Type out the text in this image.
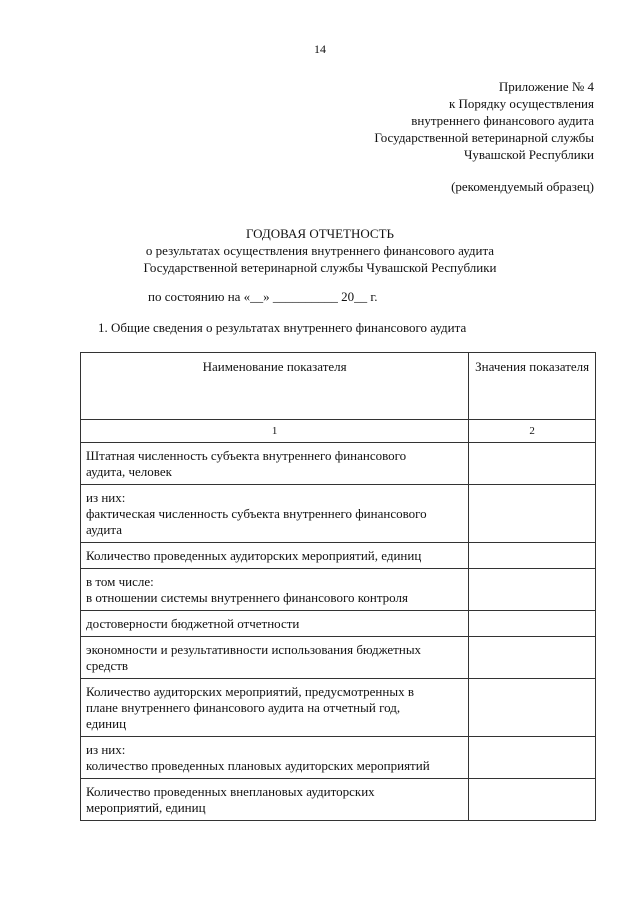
14
Приложение № 4
к Порядку осуществления
внутреннего финансового аудита
Государственной ветеринарной службы
Чувашской Республики
(рекомендуемый образец)
ГОДОВАЯ ОТЧЕТНОСТЬ
о результатах осуществления внутреннего финансового аудита
Государственной ветеринарной службы Чувашской Республики
по состоянию на «__» __________ 20__ г.
1. Общие сведения о результатах внутреннего финансового аудита
Наименование показателя	Значения показателя
1	2

Штатная численность субъекта внутреннего финансового
аудита, человек	

из них:
фактическая численность субъекта внутреннего финансового
аудита	

Количество проведенных аудиторских мероприятий, единиц	

в том числе:
в отношении системы внутреннего финансового контроля	

достоверности бюджетной отчетности	

экономности и результативности использования бюджетных
средств	

Количество аудиторских мероприятий, предусмотренных в
плане внутреннего финансового аудита на отчетный год,
единиц	

из них:
количество проведенных плановых аудиторских мероприятий	

Количество проведенных внеплановых аудиторских
мероприятий, единиц	
